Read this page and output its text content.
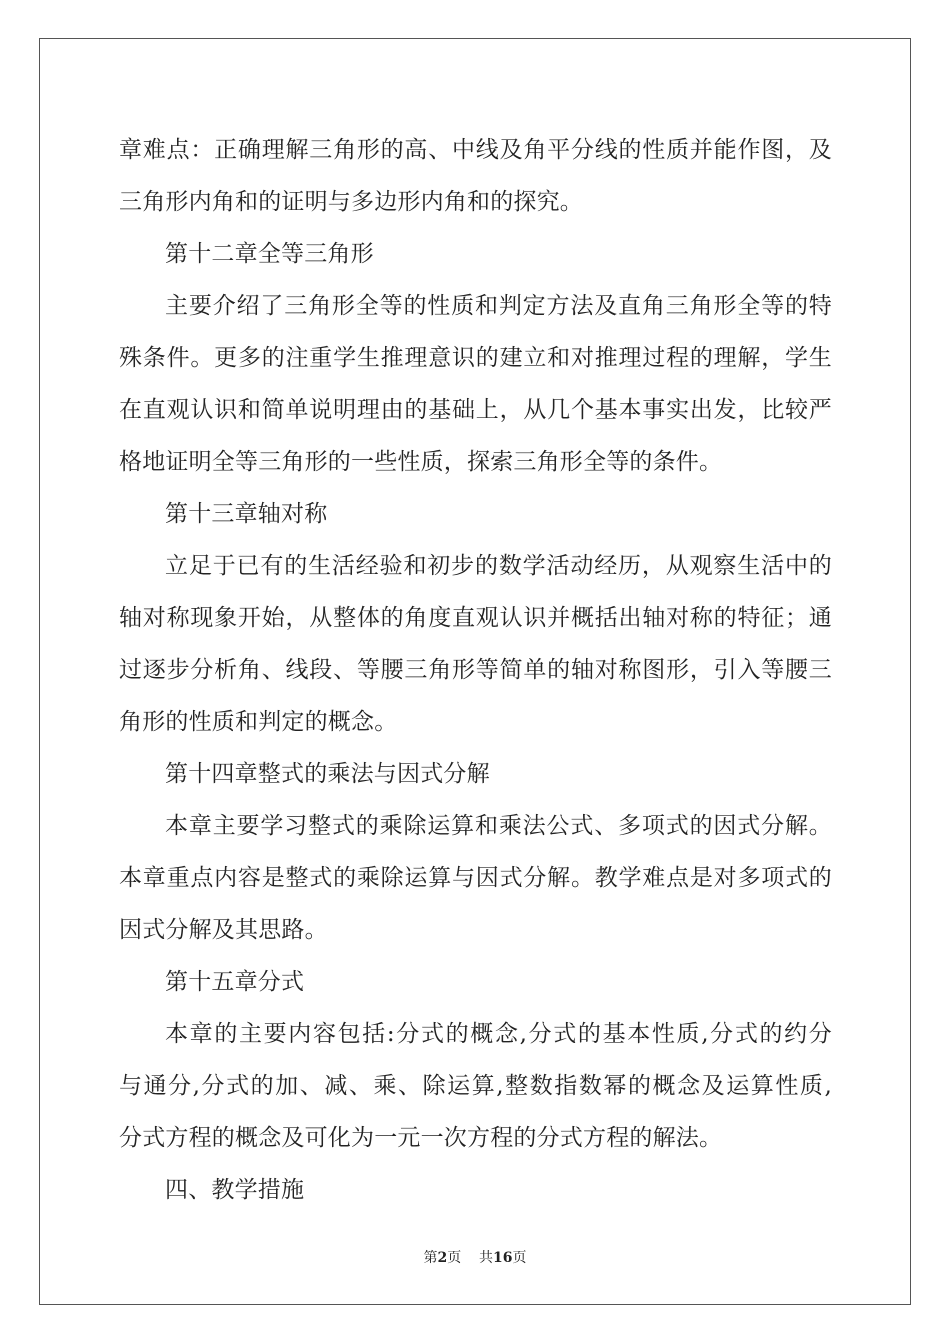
章难点：正确理解三角形的高、中线及角平分线的性质并能作图，及
三角形内角和的证明与多边形内角和的探究。
第十二章全等三角形
主要介绍了三角形全等的性质和判定方法及直角三角形全等的特
殊条件。更多的注重学生推理意识的建立和对推理过程的理解，学生
在直观认识和简单说明理由的基础上，从几个基本事实出发，比较严
格地证明全等三角形的一些性质，探索三角形全等的条件。
第十三章轴对称
立足于已有的生活经验和初步的数学活动经历，从观察生活中的
轴对称现象开始，从整体的角度直观认识并概括出轴对称的特征；通
过逐步分析角、线段、等腰三角形等简单的轴对称图形，引入等腰三
角形的性质和判定的概念。
第十四章整式的乘法与因式分解
本章主要学习整式的乘除运算和乘法公式、多项式的因式分解。
本章重点内容是整式的乘除运算与因式分解。教学难点是对多项式的
因式分解及其思路。
第十五章分式
本章的主要内容包括:分式的概念,分式的基本性质,分式的约分
与通分,分式的加、减、乘、除运算,整数指数幂的概念及运算性质,
分式方程的概念及可化为一元一次方程的分式方程的解法。
四、教学措施
第2页 共16页
